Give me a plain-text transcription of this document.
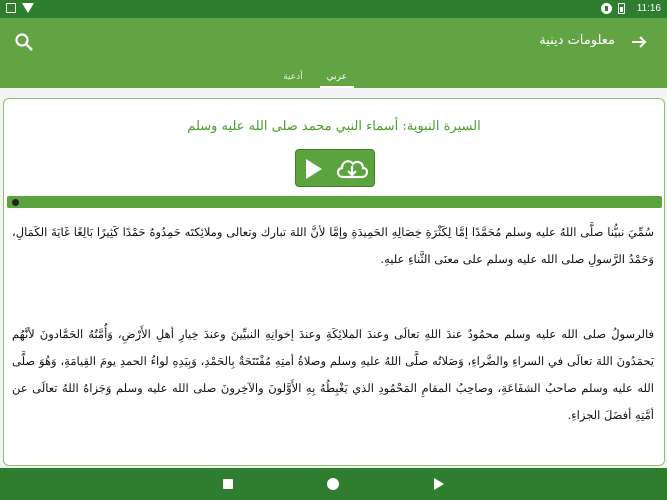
11:16
معلومات دينية
عربي
أدعية
السيرة النبوية: أسماء النبي محمد صلى الله عليه وسلم

سُمِّيَ نبيُّنا صلَّى اللهُ عليه وسلم مُحَمَّدًا إمَّا لِكَثْرَةِ خِصَالِهِ الحَمِيدَةِ وإمَّا لأنَّ اللهَ تبارك وتعالى وملائِكتَه حَمِدُوهُ حَمْدًا كَثِيرًا بَالِغًا غَايَةَ الكَمَالِ، وَحَمْدُ الرَّسولِ صلى الله عليه وسلم على معنَى الثَّناءِ عليهِ.

فالرسولُ صلى الله عليه وسلم محمُودٌ عندَ اللهِ تعالَى وعندَ الملائِكَةِ وعندَ إخوانِهِ النبيِّينَ وعندَ خِيارِ أهلِ الأَرْضِ، وَأُمَّتُهُ الحَمَّادونَ لأنَّهُم يَحمَدُونَ اللهَ تعالَى في السراءِ والضَّراءِ، وَصَلاتُه صلَّى اللهُ عليهِ وسلم وصلاةُ أمتِهِ مُفْتَتَحَةٌ بِالحَمْدِ، وَبِيَدِهِ لواءُ الحمدِ يومَ القِيامَةِ، وَهُوَ صلَّى الله عليه وسلم صاحبُ الشفَاعَةِ، وصاحِبُ المقامِ المَحْمُودِ الذي يَغْبِطُهُ بِهِ الأَوَّلونَ والآخِرونَ صلى الله عليه وسلم وَجَزاهُ اللهُ تعالَى عن أمَّتِهِ أفضَلَ الجزاءِ.
